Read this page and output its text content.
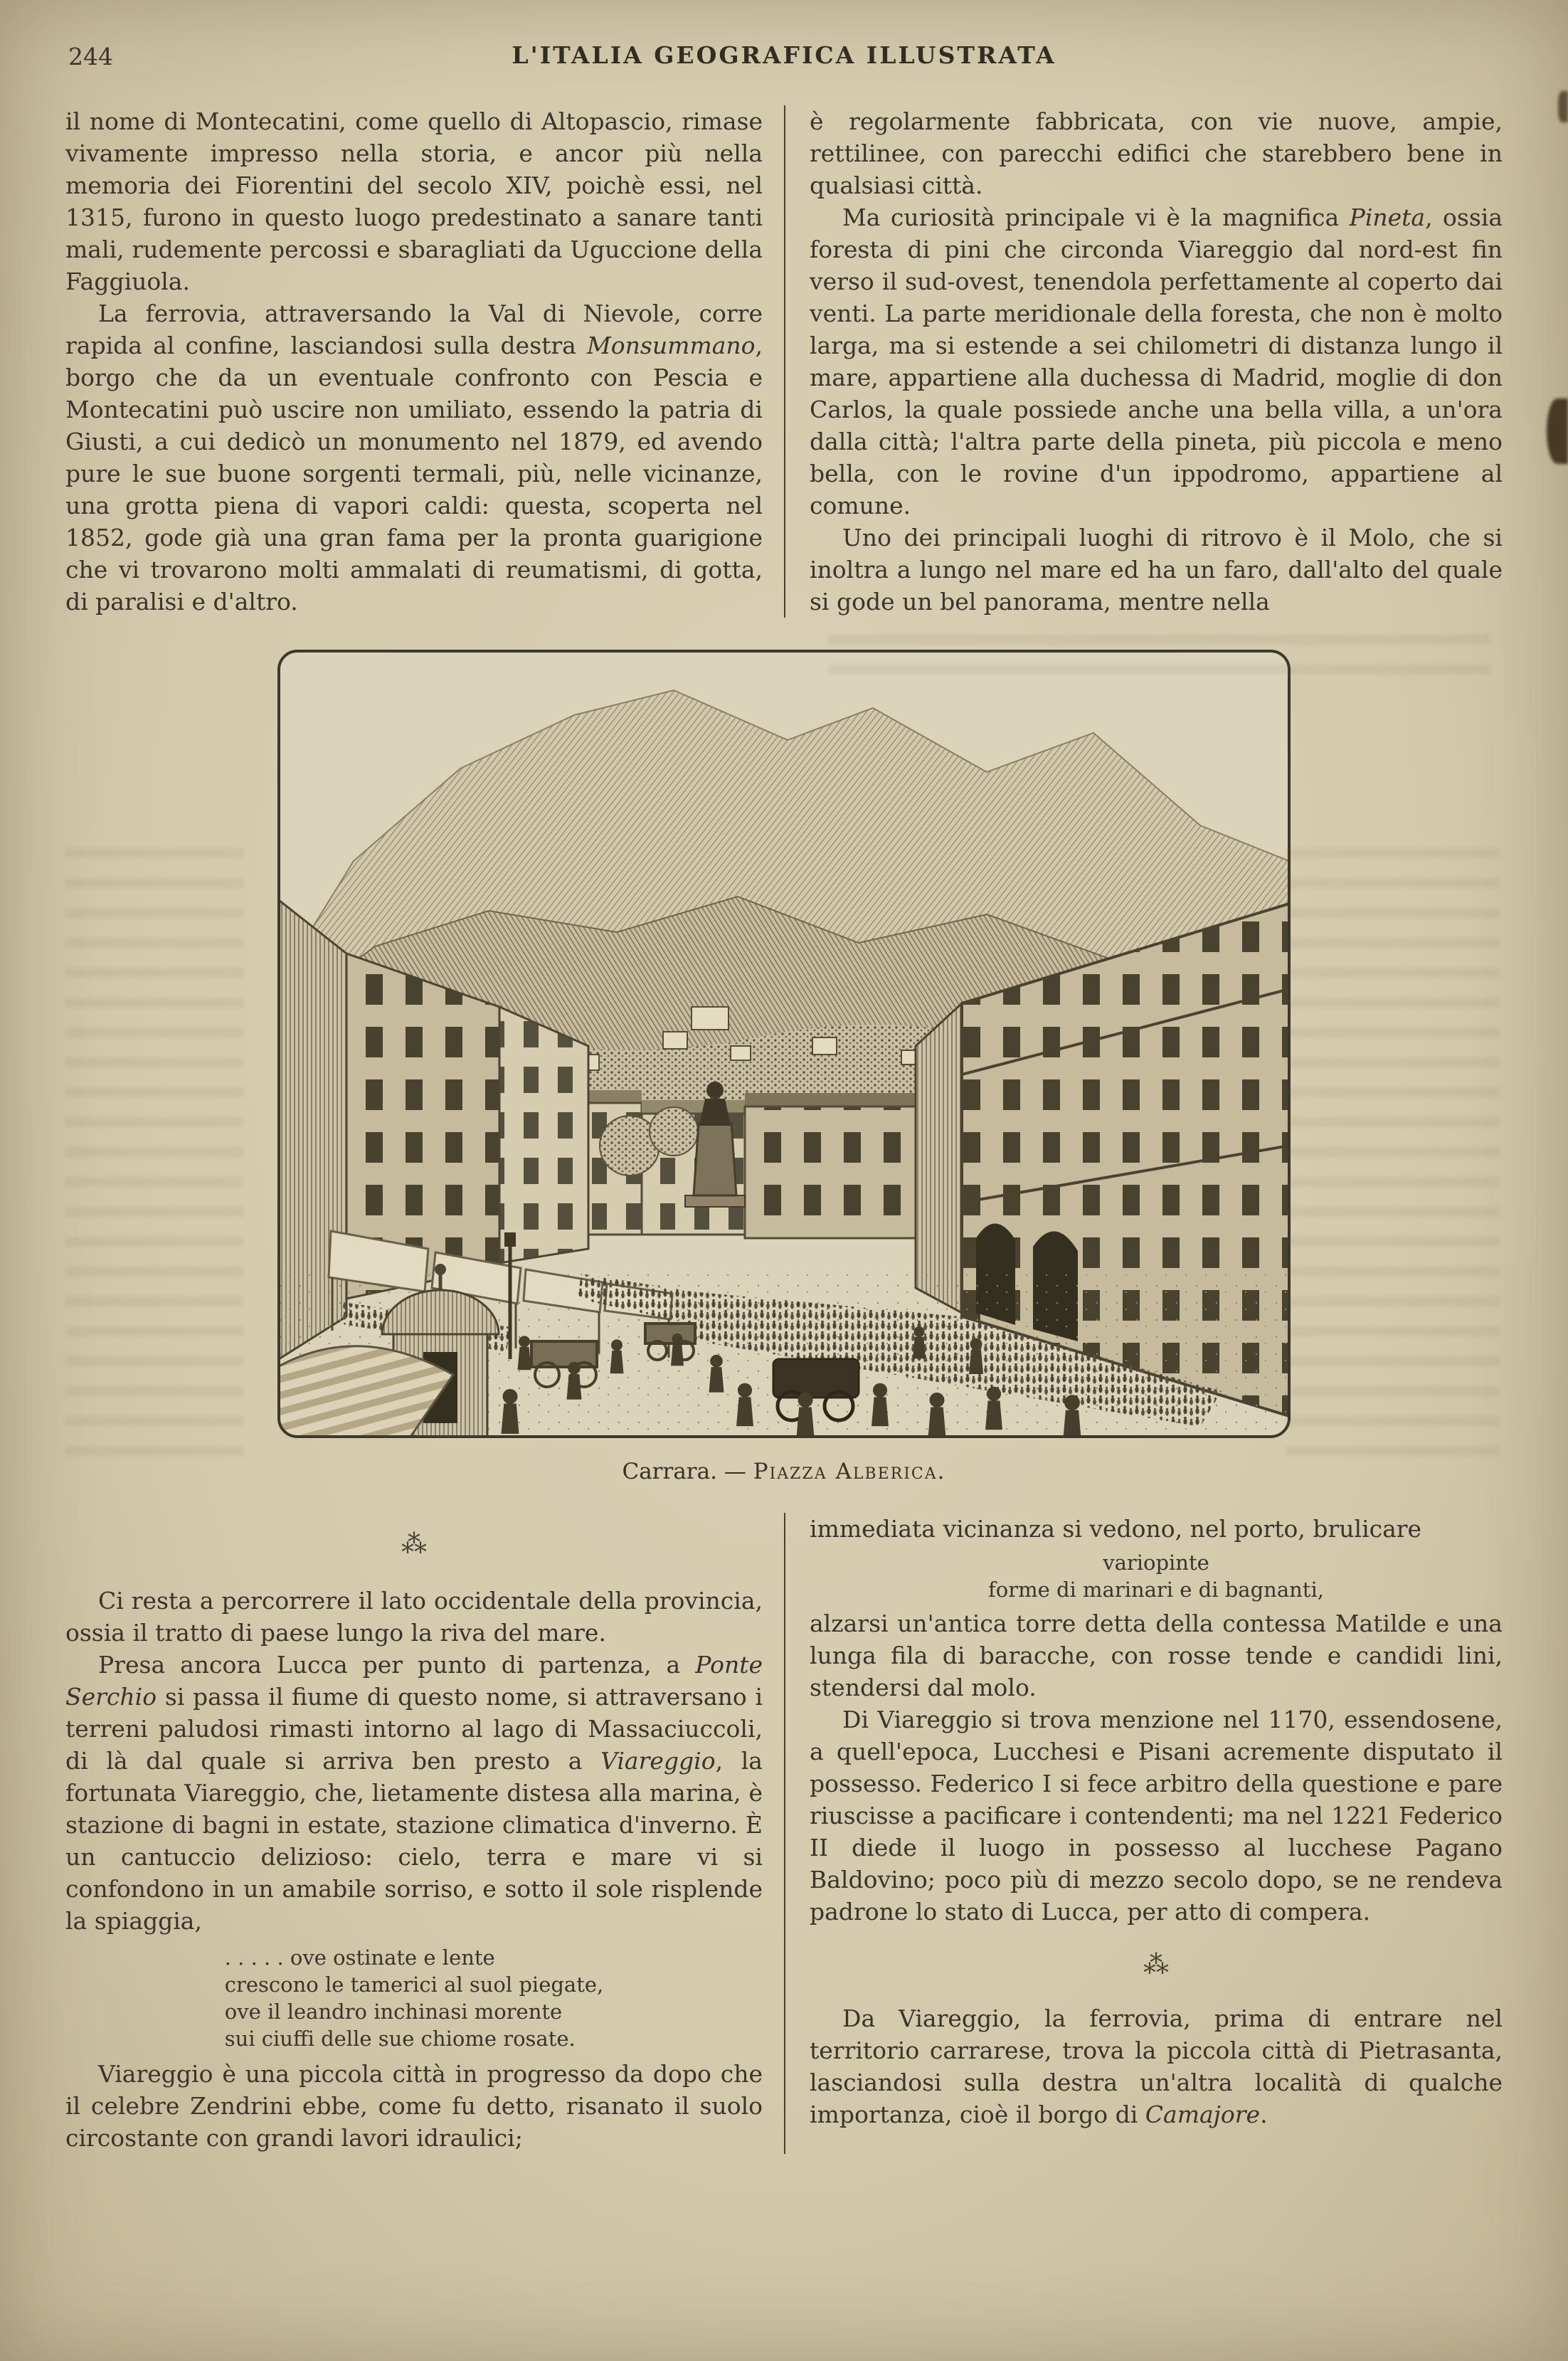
244	L'ITALIA GEOGRAFICA ILLUSTRATA

il nome di Montecatini, come quello di Altopascio, rimase vivamente impresso nella storia, e ancor più nella memoria dei Fiorentini del secolo XIV, poichè essi, nel 1315, furono in questo luogo predestinato a sanare tanti mali, rudemente percossi e sbaragliati da Uguccione della Faggiuola.

La ferrovia, attraversando la Val di Nievole, corre rapida al confine, lasciandosi sulla destra Monsummano, borgo che da un eventuale confronto con Pescia e Montecatini può uscire non umiliato, essendo la patria di Giusti, a cui dedicò un monumento nel 1879, ed avendo pure le sue buone sorgenti termali, più, nelle vicinanze, una grotta piena di vapori caldi: questa, scoperta nel 1852, gode già una gran fama per la pronta guarigione che vi trovarono molti ammalati di reumatismi, di gotta, di paralisi e d'altro.

è regolarmente fabbricata, con vie nuove, ampie, rettilinee, con parecchi edifici che starebbero bene in qualsiasi città.

Ma curiosità principale vi è la magnifica Pineta, ossia foresta di pini che circonda Viareggio dal nord-est fin verso il sud-ovest, tenendola perfettamente al coperto dai venti. La parte meridionale della foresta, che non è molto larga, ma si estende a sei chilometri di distanza lungo il mare, appartiene alla duchessa di Madrid, moglie di don Carlos, la quale possiede anche una bella villa, a un'ora dalla città; l'altra parte della pineta, più piccola e meno bella, con le rovine d'un ippodromo, appartiene al comune.

Uno dei principali luoghi di ritrovo è il Molo, che si inoltra a lungo nel mare ed ha un faro, dall'alto del quale si gode un bel panorama, mentre nella

Carrara. — Piazza Alberica.
⁂

Ci resta a percorrere il lato occidentale della provincia, ossia il tratto di paese lungo la riva del mare.

Presa ancora Lucca per punto di partenza, a Ponte Serchio si passa il fiume di questo nome, si attraversano i terreni paludosi rimasti intorno al lago di Massaciuccoli, di là dal quale si arriva ben presto a Viareggio, la fortunata Viareggio, che, lietamente distesa alla marina, è stazione di bagni in estate, stazione climatica d'inverno. È un cantuccio delizioso: cielo, terra e mare vi si confondono in un amabile sorriso, e sotto il sole risplende la spiaggia,

. . . . . ove ostinate e lente
crescono le tamerici al suol piegate,
ove il leandro inchinasi morente
sui ciuffi delle sue chiome rosate.

Viareggio è una piccola città in progresso da dopo che il celebre Zendrini ebbe, come fu detto, risanato il suolo circostante con grandi lavori idraulici;

immediata vicinanza si vedono, nel porto, brulicare

variopinte
forme di marinari e di bagnanti,

alzarsi un'antica torre detta della contessa Matilde e una lunga fila di baracche, con rosse tende e candidi lini, stendersi dal molo.

Di Viareggio si trova menzione nel 1170, essendosene, a quell'epoca, Lucchesi e Pisani acremente disputato il possesso. Federico I si fece arbitro della questione e pare riuscisse a pacificare i contendenti; ma nel 1221 Federico II diede il luogo in possesso al lucchese Pagano Baldovino; poco più di mezzo secolo dopo, se ne rendeva padrone lo stato di Lucca, per atto di compera.

⁂

Da Viareggio, la ferrovia, prima di entrare nel territorio carrarese, trova la piccola città di Pietrasanta, lasciandosi sulla destra un'altra località di qualche importanza, cioè il borgo di Camajore.
